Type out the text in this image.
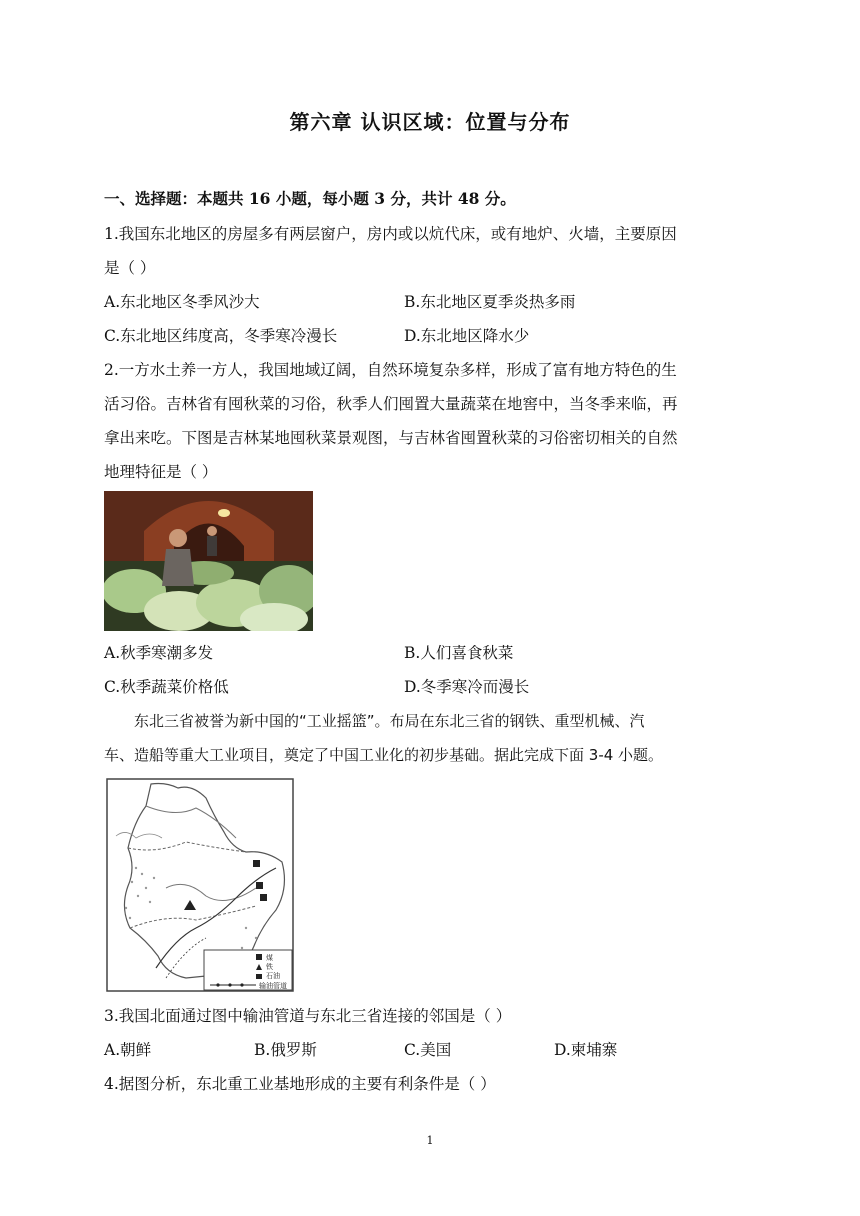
第六章 认识区域：位置与分布
一、选择题：本题共 16 小题，每小题 3 分，共计 48 分。
1.我国东北地区的房屋多有两层窗户，房内或以炕代床，或有地炉、火墙，主要原因
是（ ）
A.东北地区冬季风沙大	B.东北地区夏季炎热多雨
C.东北地区纬度高，冬季寒冷漫长	D.东北地区降水少
2.一方水土养一方人，我国地域辽阔，自然环境复杂多样，形成了富有地方特色的生
活习俗。吉林省有囤秋菜的习俗，秋季人们囤置大量蔬菜在地窖中，当冬季来临，再
拿出来吃。下图是吉林某地囤秋菜景观图，与吉林省囤置秋菜的习俗密切相关的自然
地理特征是（ ）
A.秋季寒潮多发	B.人们喜食秋菜
C.秋季蔬菜价格低	D.冬季寒冷而漫长
东北三省被誉为新中国的“工业摇篮”。布局在东北三省的钢铁、重型机械、汽
车、造船等重大工业项目，奠定了中国工业化的初步基础。据此完成下面 3-4 小题。
煤
铁
石油
输油管道
3.我国北面通过图中输油管道与东北三省连接的邻国是（ ）
A.朝鲜	B.俄罗斯	C.美国	D.柬埔寨
4.据图分析，东北重工业基地形成的主要有利条件是（ ）
1
